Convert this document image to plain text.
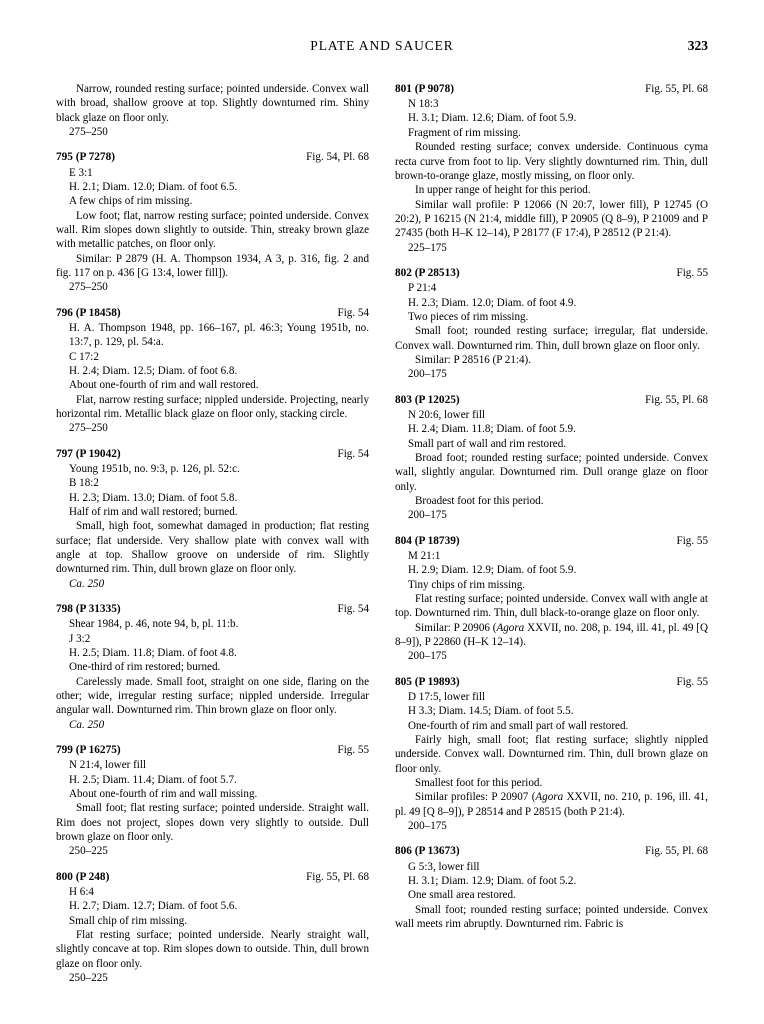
PLATE AND SAUCER	323

Narrow, rounded resting surface; pointed underside. Convex wall with broad, shallow groove at top. Slightly downturned rim. Shiny black glaze on floor only.

275–250

795 (P 7278)	Fig. 54, Pl. 68

E 3:1

H. 2.1; Diam. 12.0; Diam. of foot 6.5.

A few chips of rim missing.

Low foot; flat, narrow resting surface; pointed underside. Convex wall. Rim slopes down slightly to outside. Thin, streaky brown glaze with metallic patches, on floor only.

Similar: P 2879 (H. A. Thompson 1934, A 3, p. 316, fig. 2 and fig. 117 on p. 436 [G 13:4, lower fill]).

275–250

796 (P 18458)	Fig. 54

H. A. Thompson 1948, pp. 166–167, pl. 46:3; Young 1951b, no. 13:7, p. 129, pl. 54:a.

C 17:2

H. 2.4; Diam. 12.5; Diam. of foot 6.8.

About one-fourth of rim and wall restored.

Flat, narrow resting surface; nippled underside. Projecting, nearly horizontal rim. Metallic black glaze on floor only, stacking circle.

275–250

797 (P 19042)	Fig. 54

Young 1951b, no. 9:3, p. 126, pl. 52:c.

B 18:2

H. 2.3; Diam. 13.0; Diam. of foot 5.8.

Half of rim and wall restored; burned.

Small, high foot, somewhat damaged in production; flat resting surface; flat underside. Very shallow plate with convex wall with angle at top. Shallow groove on underside of rim. Slightly downturned rim. Thin, dull brown glaze on floor only.

Ca. 250

798 (P 31335)	Fig. 54

Shear 1984, p. 46, note 94, b, pl. 11:b.

J 3:2

H. 2.5; Diam. 11.8; Diam. of foot 4.8.

One-third of rim restored; burned.

Carelessly made. Small foot, straight on one side, flaring on the other; wide, irregular resting surface; nippled underside. Irregular angular wall. Downturned rim. Thin brown glaze on floor only.

Ca. 250

799 (P 16275)	Fig. 55

N 21:4, lower fill

H. 2.5; Diam. 11.4; Diam. of foot 5.7.

About one-fourth of rim and wall missing.

Small foot; flat resting surface; pointed underside. Straight wall. Rim does not project, slopes down very slightly to outside. Dull brown glaze on floor only.

250–225

800 (P 248)	Fig. 55, Pl. 68

H 6:4

H. 2.7; Diam. 12.7; Diam. of foot 5.6.

Small chip of rim missing.

Flat resting surface; pointed underside. Nearly straight wall, slightly concave at top. Rim slopes down to outside. Thin, dull brown glaze on floor only.

250–225

801 (P 9078)	Fig. 55, Pl. 68

N 18:3

H. 3.1; Diam. 12.6; Diam. of foot 5.9.

Fragment of rim missing.

Rounded resting surface; convex underside. Continuous cyma recta curve from foot to lip. Very slightly downturned rim. Thin, dull brown-to-orange glaze, mostly missing, on floor only.

In upper range of height for this period.

Similar wall profile: P 12066 (N 20:7, lower fill), P 12745 (O 20:2), P 16215 (N 21:4, middle fill), P 20905 (Q 8–9), P 21009 and P 27435 (both H–K 12–14), P 28177 (F 17:4), P 28512 (P 21:4).

225–175

802 (P 28513)	Fig. 55

P 21:4

H. 2.3; Diam. 12.0; Diam. of foot 4.9.

Two pieces of rim missing.

Small foot; rounded resting surface; irregular, flat underside. Convex wall. Downturned rim. Thin, dull brown glaze on floor only.

Similar: P 28516 (P 21:4).

200–175

803 (P 12025)	Fig. 55, Pl. 68

N 20:6, lower fill

H. 2.4; Diam. 11.8; Diam. of foot 5.9.

Small part of wall and rim restored.

Broad foot; rounded resting surface; pointed underside. Convex wall, slightly angular. Downturned rim. Dull orange glaze on floor only.

Broadest foot for this period.

200–175

804 (P 18739)	Fig. 55

M 21:1

H. 2.9; Diam. 12.9; Diam. of foot 5.9.

Tiny chips of rim missing.

Flat resting surface; pointed underside. Convex wall with angle at top. Downturned rim. Thin, dull black-to-orange glaze on floor only.

Similar: P 20906 (Agora XXVII, no. 208, p. 194, ill. 41, pl. 49 [Q 8–9]), P 22860 (H–K 12–14).

200–175

805 (P 19893)	Fig. 55

D 17:5, lower fill

H 3.3; Diam. 14.5; Diam. of foot 5.5.

One-fourth of rim and small part of wall restored.

Fairly high, small foot; flat resting surface; slightly nippled underside. Convex wall. Downturned rim. Thin, dull brown glaze on floor only.

Smallest foot for this period.

Similar profiles: P 20907 (Agora XXVII, no. 210, p. 196, ill. 41, pl. 49 [Q 8–9]), P 28514 and P 28515 (both P 21:4).

200–175

806 (P 13673)	Fig. 55, Pl. 68

G 5:3, lower fill

H. 3.1; Diam. 12.9; Diam. of foot 5.2.

One small area restored.

Small foot; rounded resting surface; pointed underside. Convex wall meets rim abruptly. Downturned rim. Fabric is
